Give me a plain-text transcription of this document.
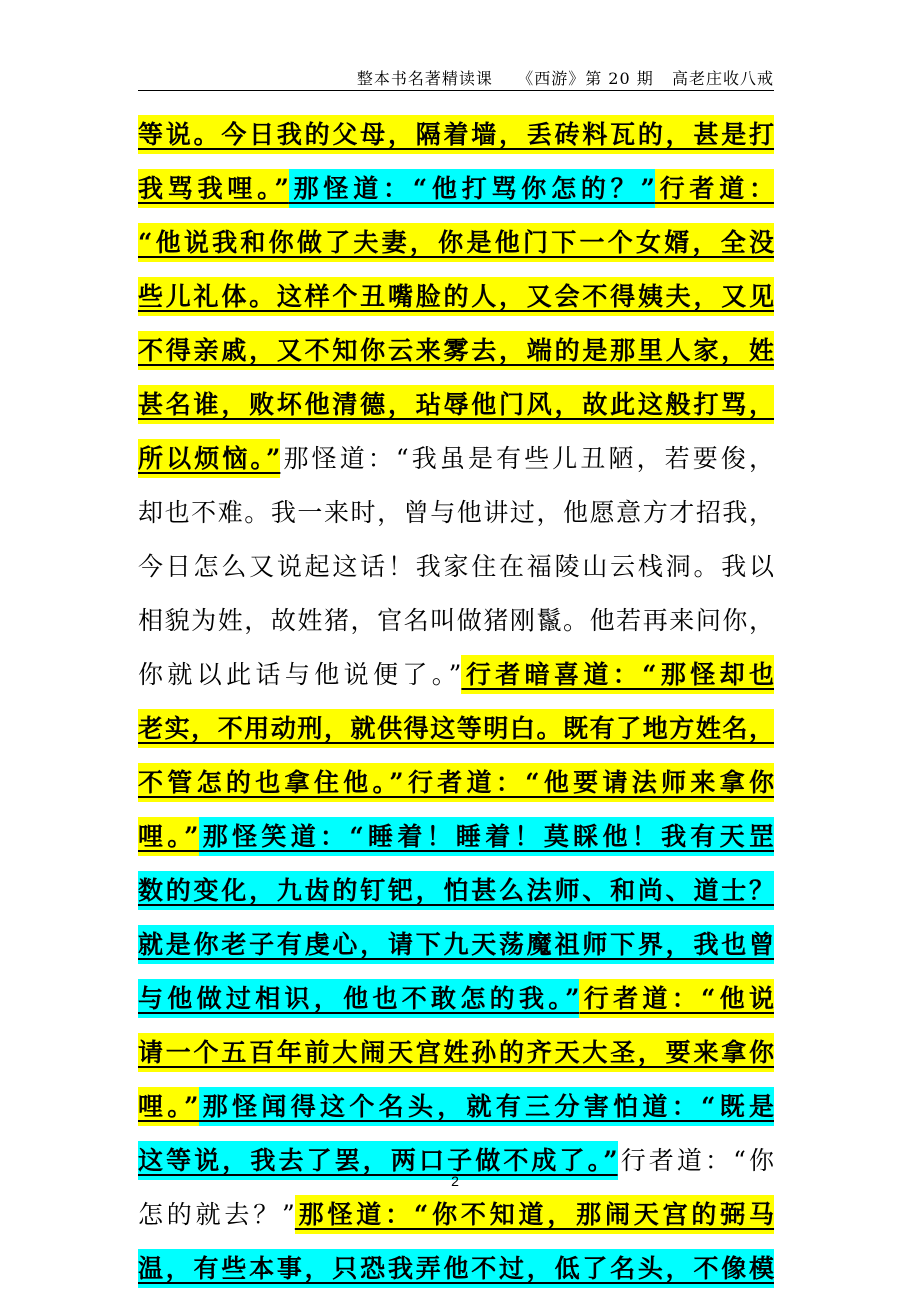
整本书名著精读课    《西游》第 20 期   高老庄收八戒
等说。今日我的父母，隔着墙，丢砖料瓦的，甚是打
我骂我哩。”那怪道：“他打骂你怎的？”行者道：
“他说我和你做了夫妻，你是他门下一个女婿，全没
些儿礼体。这样个丑嘴脸的人，又会不得姨夫，又见
不得亲戚，又不知你云来雾去，端的是那里人家，姓
甚名谁，败坏他清德，玷辱他门风，故此这般打骂，
所以烦恼。”那怪道：“我虽是有些儿丑陋，若要俊，
却也不难。我一来时，曾与他讲过，他愿意方才招我，
今日怎么又说起这话！我家住在福陵山云栈洞。我以
相貌为姓，故姓猪，官名叫做猪刚鬣。他若再来问你，
你就以此话与他说便了。”行者暗喜道：“那怪却也
老实，不用动刑，就供得这等明白。既有了地方姓名，
不管怎的也拿住他。”行者道：“他要请法师来拿你
哩。”那怪笑道：“睡着！睡着！莫睬他！我有天罡
数的变化，九齿的钉钯，怕甚么法师、和尚、道士？
就是你老子有虔心，请下九天荡魔祖师下界，我也曾
与他做过相识，他也不敢怎的我。”行者道：“他说
请一个五百年前大闹天宫姓孙的齐天大圣，要来拿你
哩。”那怪闻得这个名头，就有三分害怕道：“既是
这等说，我去了罢，两口子做不成了。”行者道：“你
怎的就去？”那怪道：“你不知道，那闹天宫的弼马
温，有些本事，只恐我弄他不过，低了名头，不像模
2
